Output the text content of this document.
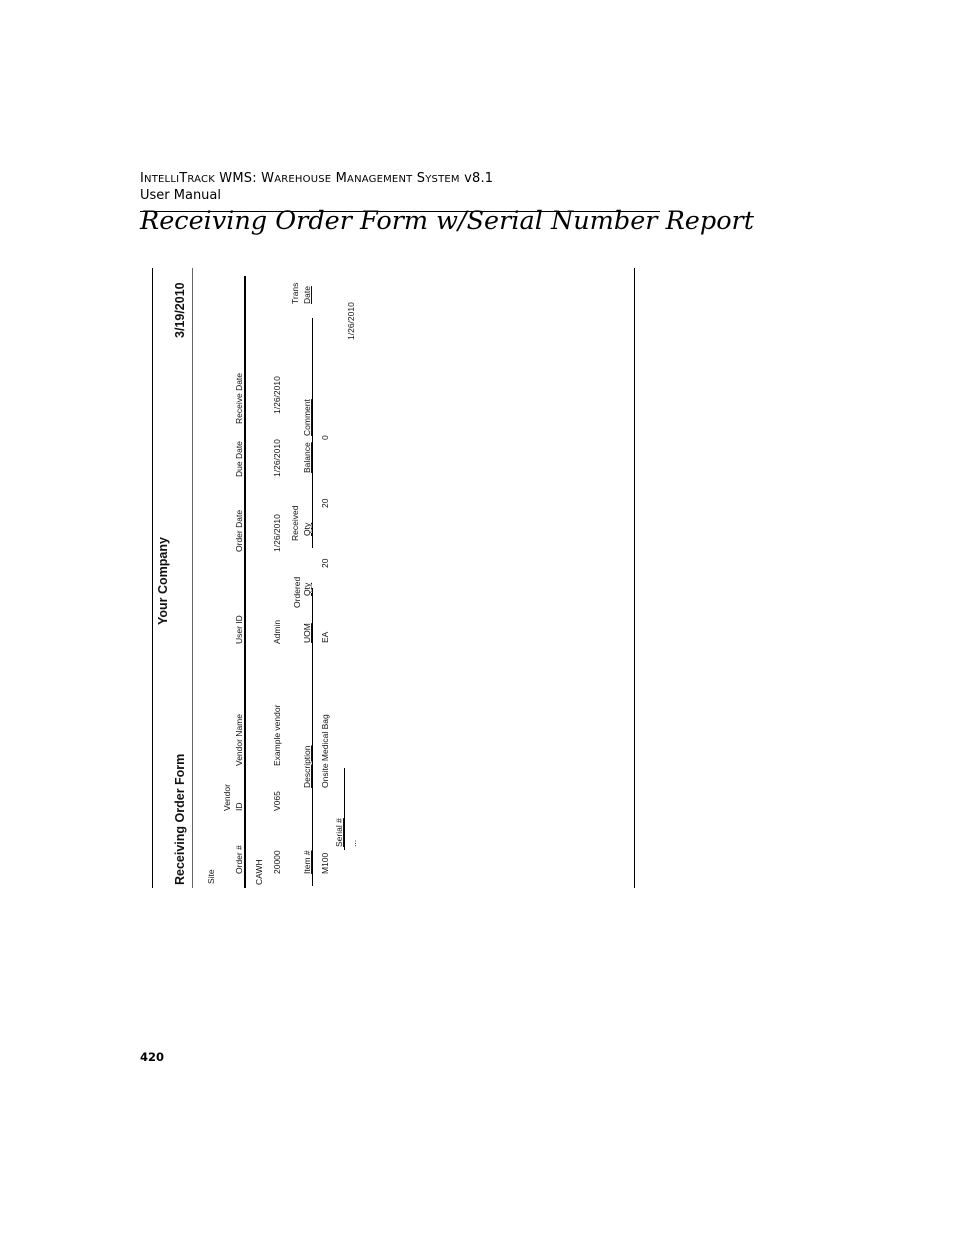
INTELLITRACK WMS: WAREHOUSE MANAGEMENT SYSTEM v8.1
User Manual
Receiving Order Form w/Serial Number Report
Receiving Order Form
Your Company
3/19/2010
Site
Vendor
Order #
ID
Vendor Name
User ID
Order Date
Due Date
Receive Date
CAWH 20000
V065
Example vendor
Admin
1/26/2010
1/26/2010
1/26/2010
Received
Trans
Ordered
Item #
Description
UOM
Qty
Qty
Balance
Comment
Date
M100
Onsite Medical Bag
EA
20
20
0
Serial # ...
1/26/2010
420
